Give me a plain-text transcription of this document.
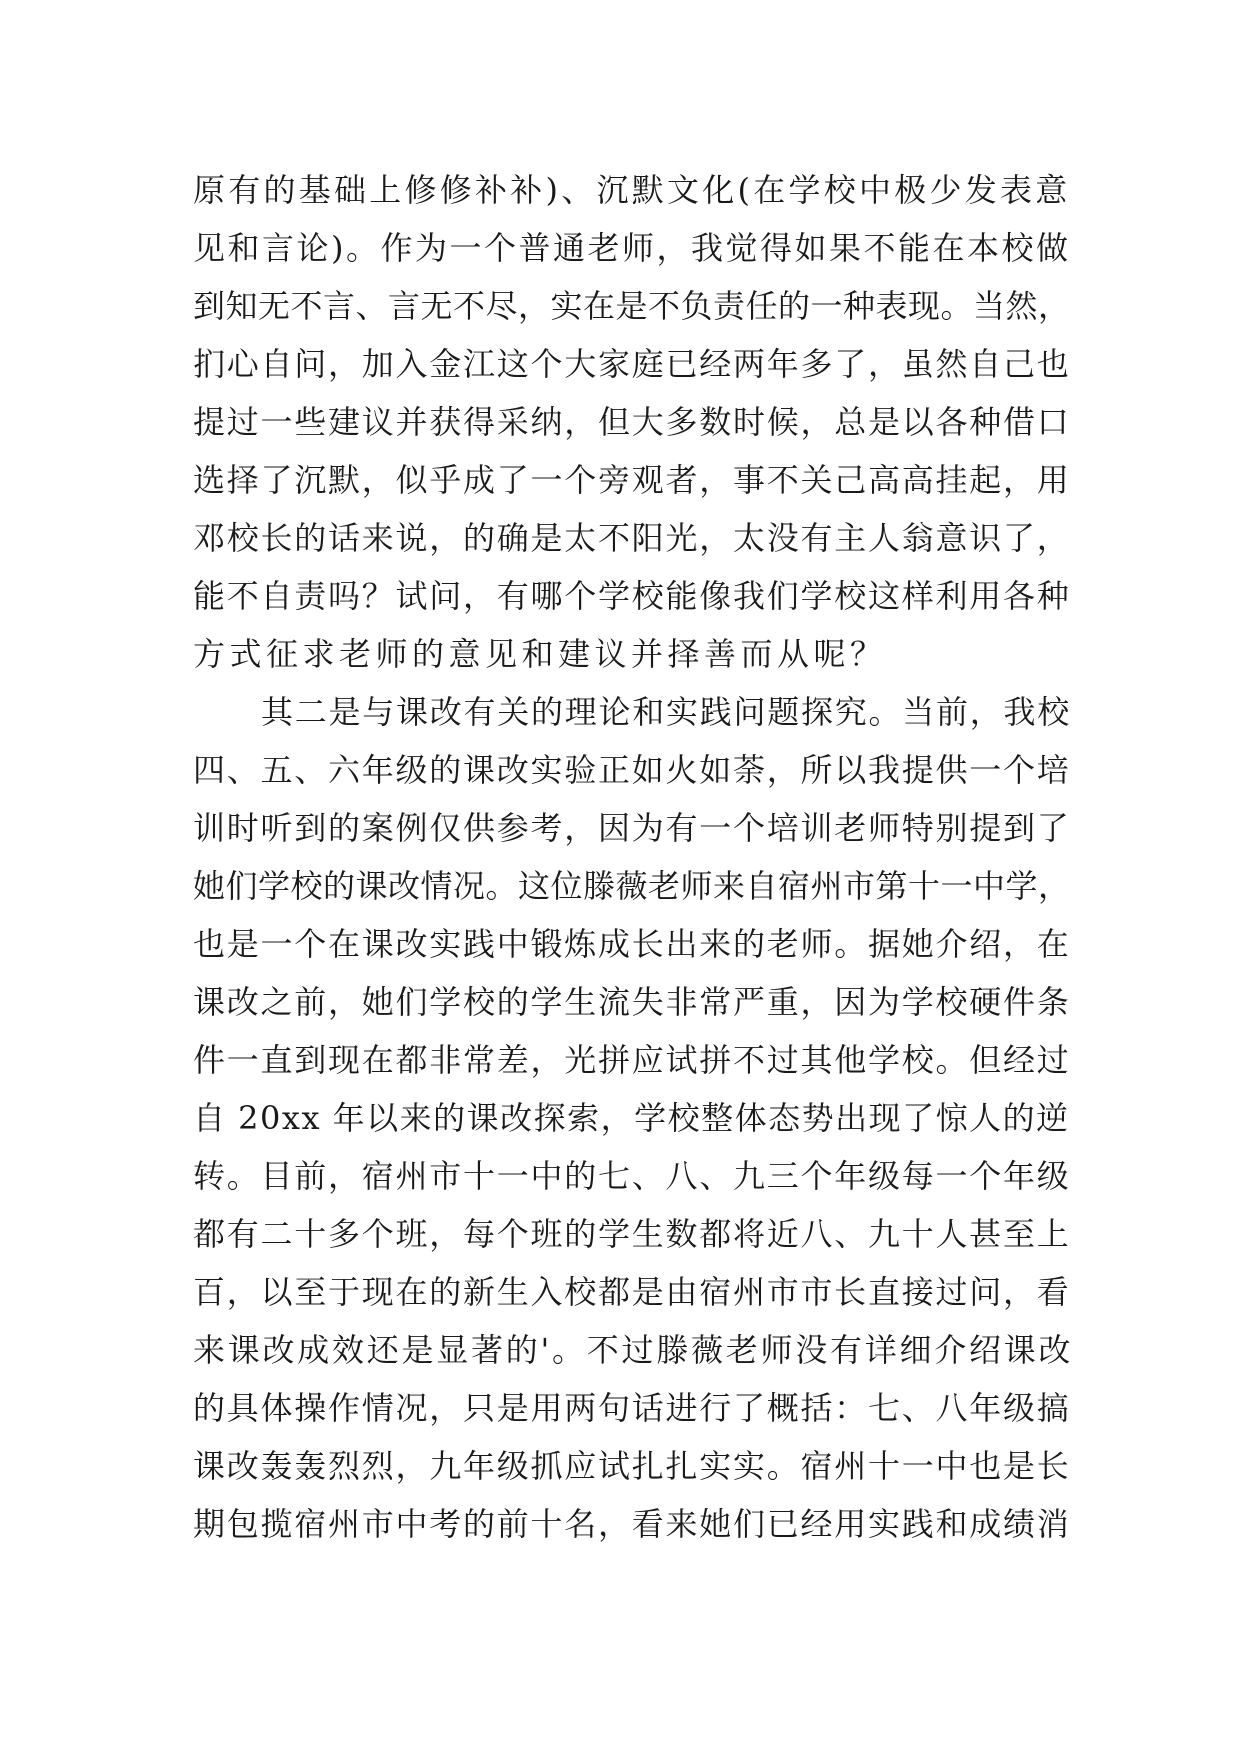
原有的基础上修修补补)、沉默文化(在学校中极少发表意
见和言论)。作为一个普通老师，我觉得如果不能在本校做
到知无不言、言无不尽，实在是不负责任的一种表现。当然，
扪心自问，加入金江这个大家庭已经两年多了，虽然自己也
提过一些建议并获得采纳，但大多数时候，总是以各种借口
选择了沉默，似乎成了一个旁观者，事不关己高高挂起，用
邓校长的话来说，的确是太不阳光，太没有主人翁意识了，
能不自责吗？试问，有哪个学校能像我们学校这样利用各种
方式征求老师的意见和建议并择善而从呢？
其二是与课改有关的理论和实践问题探究。当前，我校
四、五、六年级的课改实验正如火如荼，所以我提供一个培
训时听到的案例仅供参考，因为有一个培训老师特别提到了
她们学校的课改情况。这位滕薇老师来自宿州市第十一中学，
也是一个在课改实践中锻炼成长出来的老师。据她介绍，在
课改之前，她们学校的学生流失非常严重，因为学校硬件条
件一直到现在都非常差，光拼应试拼不过其他学校。但经过
自 20xx 年以来的课改探索，学校整体态势出现了惊人的逆
转。目前，宿州市十一中的七、八、九三个年级每一个年级
都有二十多个班，每个班的学生数都将近八、九十人甚至上
百，以至于现在的新生入校都是由宿州市市长直接过问，看
来课改成效还是显著的'。不过滕薇老师没有详细介绍课改
的具体操作情况，只是用两句话进行了概括：七、八年级搞
课改轰轰烈烈，九年级抓应试扎扎实实。宿州十一中也是长
期包揽宿州市中考的前十名，看来她们已经用实践和成绩消
